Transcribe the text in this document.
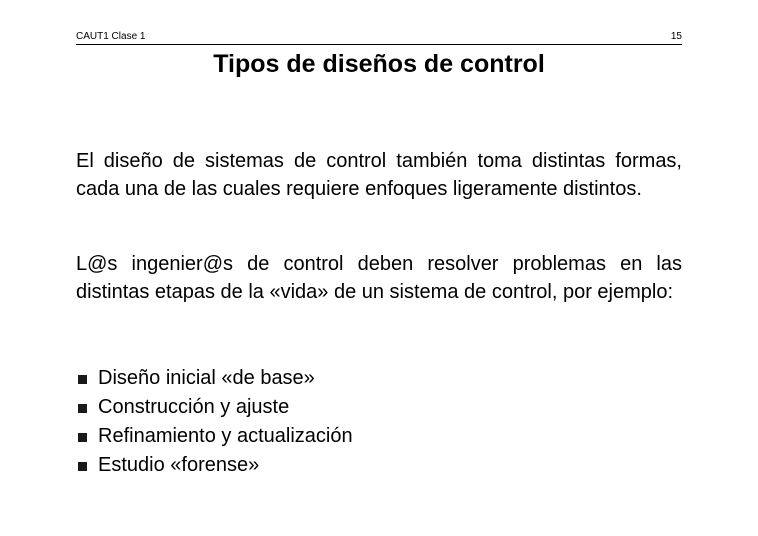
CAUT1 Clase 1	15
Tipos de diseños de control
El diseño de sistemas de control también toma distintas formas, cada una de las cuales requiere enfoques ligeramente distintos.
L@s ingenier@s de control deben resolver problemas en las distintas etapas de la «vida» de un sistema de control, por ejemplo:
Diseño inicial «de base»
Construcción y ajuste
Refinamiento y actualización
Estudio «forense»
